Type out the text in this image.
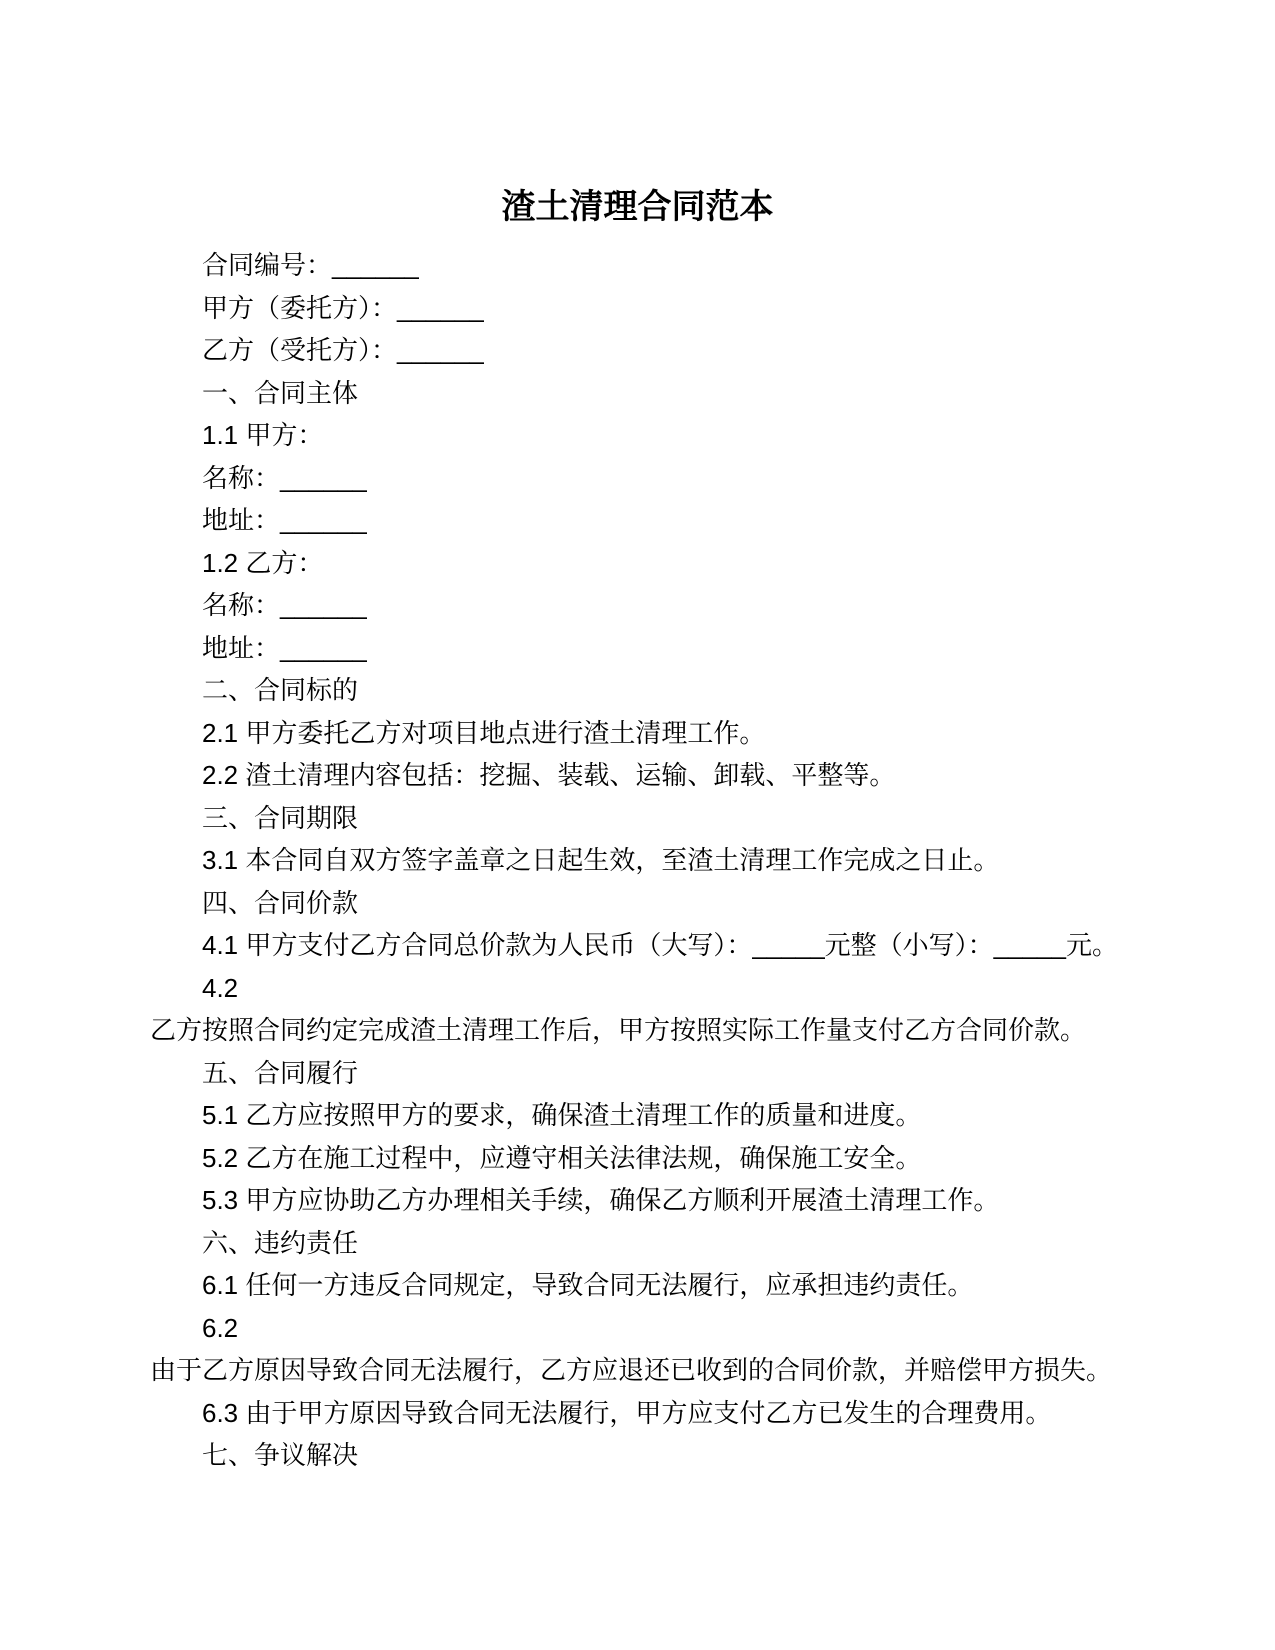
渣土清理合同范本
合同编号：______
甲方（委托方）：______
乙方（受托方）：______
一、合同主体
1.1 甲方：
名称：______
地址：______
1.2 乙方：
名称：______
地址：______
二、合同标的
2.1 甲方委托乙方对项目地点进行渣土清理工作。
2.2 渣土清理内容包括：挖掘、装载、运输、卸载、平整等。
三、合同期限
3.1 本合同自双方签字盖章之日起生效，至渣土清理工作完成之日止。
四、合同价款
4.1 甲方支付乙方合同总价款为人民币（大写）：_____元整（小写）：_____元。
4.2
乙方按照合同约定完成渣土清理工作后，甲方按照实际工作量支付乙方合同价款。
五、合同履行
5.1 乙方应按照甲方的要求，确保渣土清理工作的质量和进度。
5.2 乙方在施工过程中，应遵守相关法律法规，确保施工安全。
5.3 甲方应协助乙方办理相关手续，确保乙方顺利开展渣土清理工作。
六、违约责任
6.1 任何一方违反合同规定，导致合同无法履行，应承担违约责任。
6.2
由于乙方原因导致合同无法履行，乙方应退还已收到的合同价款，并赔偿甲方损失。
6.3 由于甲方原因导致合同无法履行，甲方应支付乙方已发生的合理费用。
七、争议解决
